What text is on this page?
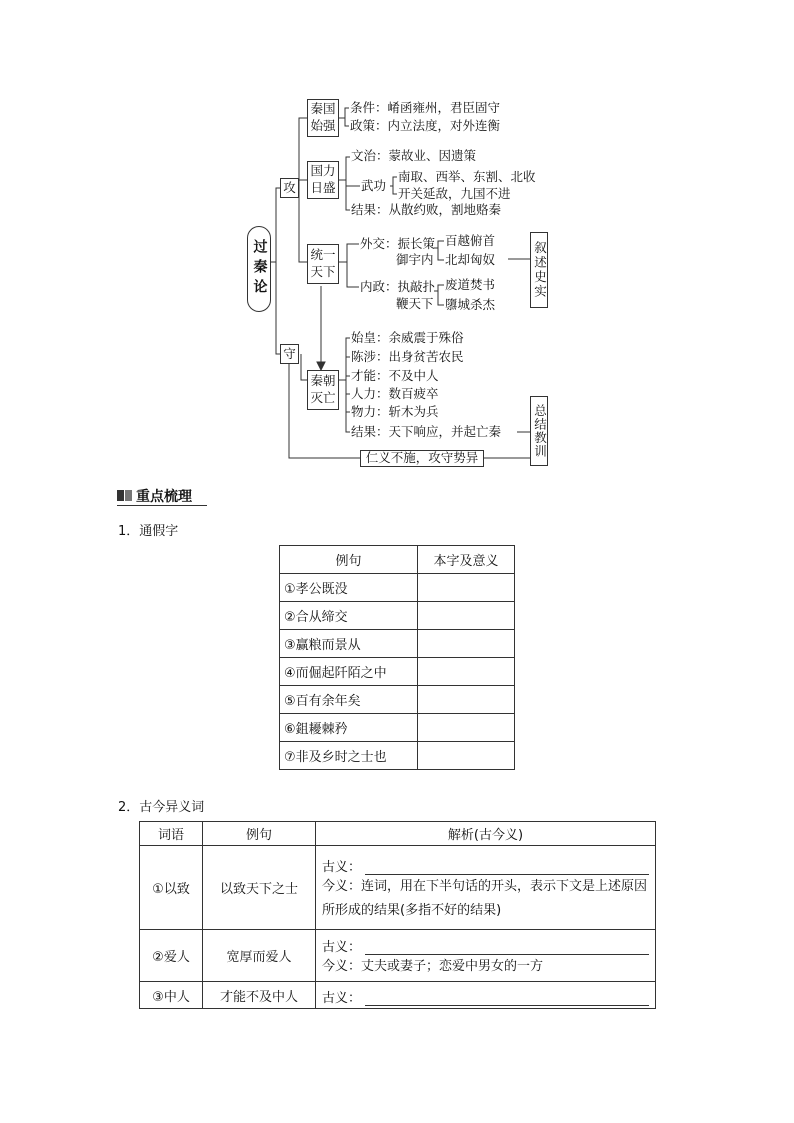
过秦论
攻
守
秦国
始强
国力
日盛
统一
天下
秦朝
灭亡
条件：崤函雍州，君臣固守
政策：内立法度，对外连衡
文治：蒙故业、因遗策
武功
南取、西举、东割、北收
开关延敌，九国不进
结果：从散约败，割地赂秦
外交：振长策
御宇内
百越俯首
北却匈奴
内政：执敲扑
鞭天下
废道焚书
隳城杀杰
叙述史实
始皇：余威震于殊俗
陈涉：出身贫苦农民
才能：不及中人
人力：数百疲卒
物力：斩木为兵
结果：天下响应，并起亡秦
仁义不施，攻守势异	总结教训
重点梳理
1．通假字
例句	本字及意义
①孝公既没	
②合从缔交	
③赢粮而景从	
④而倔起阡陌之中	
⑤百有余年矣	
⑥鉏耰棘矜	
⑦非及乡时之士也	
2．古今异义词
词语	例句	解析(古今义)
①以致	以致天下之士	古义：
今义：连词，用在下半句话的开头，表示下文是上述原因所形成的结果(多指不好的结果)

②爱人	宽厚而爱人	古义：
今义：丈夫或妻子；恋爱中男女的一方

③中人	才能不及中人	古义：
